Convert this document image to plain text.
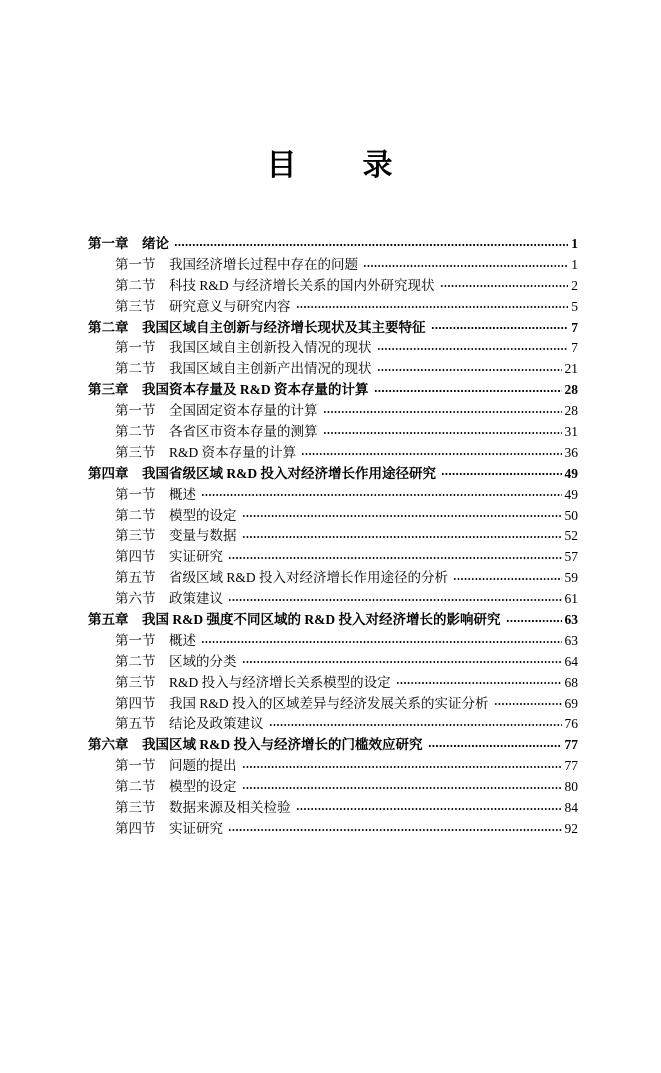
目　　录
第一章　绪论	1
第一节　我国经济增长过程中存在的问题	1
第二节　科技 R&D 与经济增长关系的国内外研究现状	2
第三节　研究意义与研究内容	5
第二章　我国区域自主创新与经济增长现状及其主要特征	7
第一节　我国区域自主创新投入情况的现状	7
第二节　我国区域自主创新产出情况的现状	21
第三章　我国资本存量及 R&D 资本存量的计算	28
第一节　全国固定资本存量的计算	28
第二节　各省区市资本存量的测算	31
第三节　R&D 资本存量的计算	36
第四章　我国省级区域 R&D 投入对经济增长作用途径研究	49
第一节　概述	49
第二节　模型的设定	50
第三节　变量与数据	52
第四节　实证研究	57
第五节　省级区域 R&D 投入对经济增长作用途径的分析	59
第六节　政策建议	61
第五章　我国 R&D 强度不同区域的 R&D 投入对经济增长的影响研究	63
第一节　概述	63
第二节　区域的分类	64
第三节　R&D 投入与经济增长关系模型的设定	68
第四节　我国 R&D 投入的区域差异与经济发展关系的实证分析	69
第五节　结论及政策建议	76
第六章　我国区域 R&D 投入与经济增长的门槛效应研究	77
第一节　问题的提出	77
第二节　模型的设定	80
第三节　数据来源及相关检验	84
第四节　实证研究	92
